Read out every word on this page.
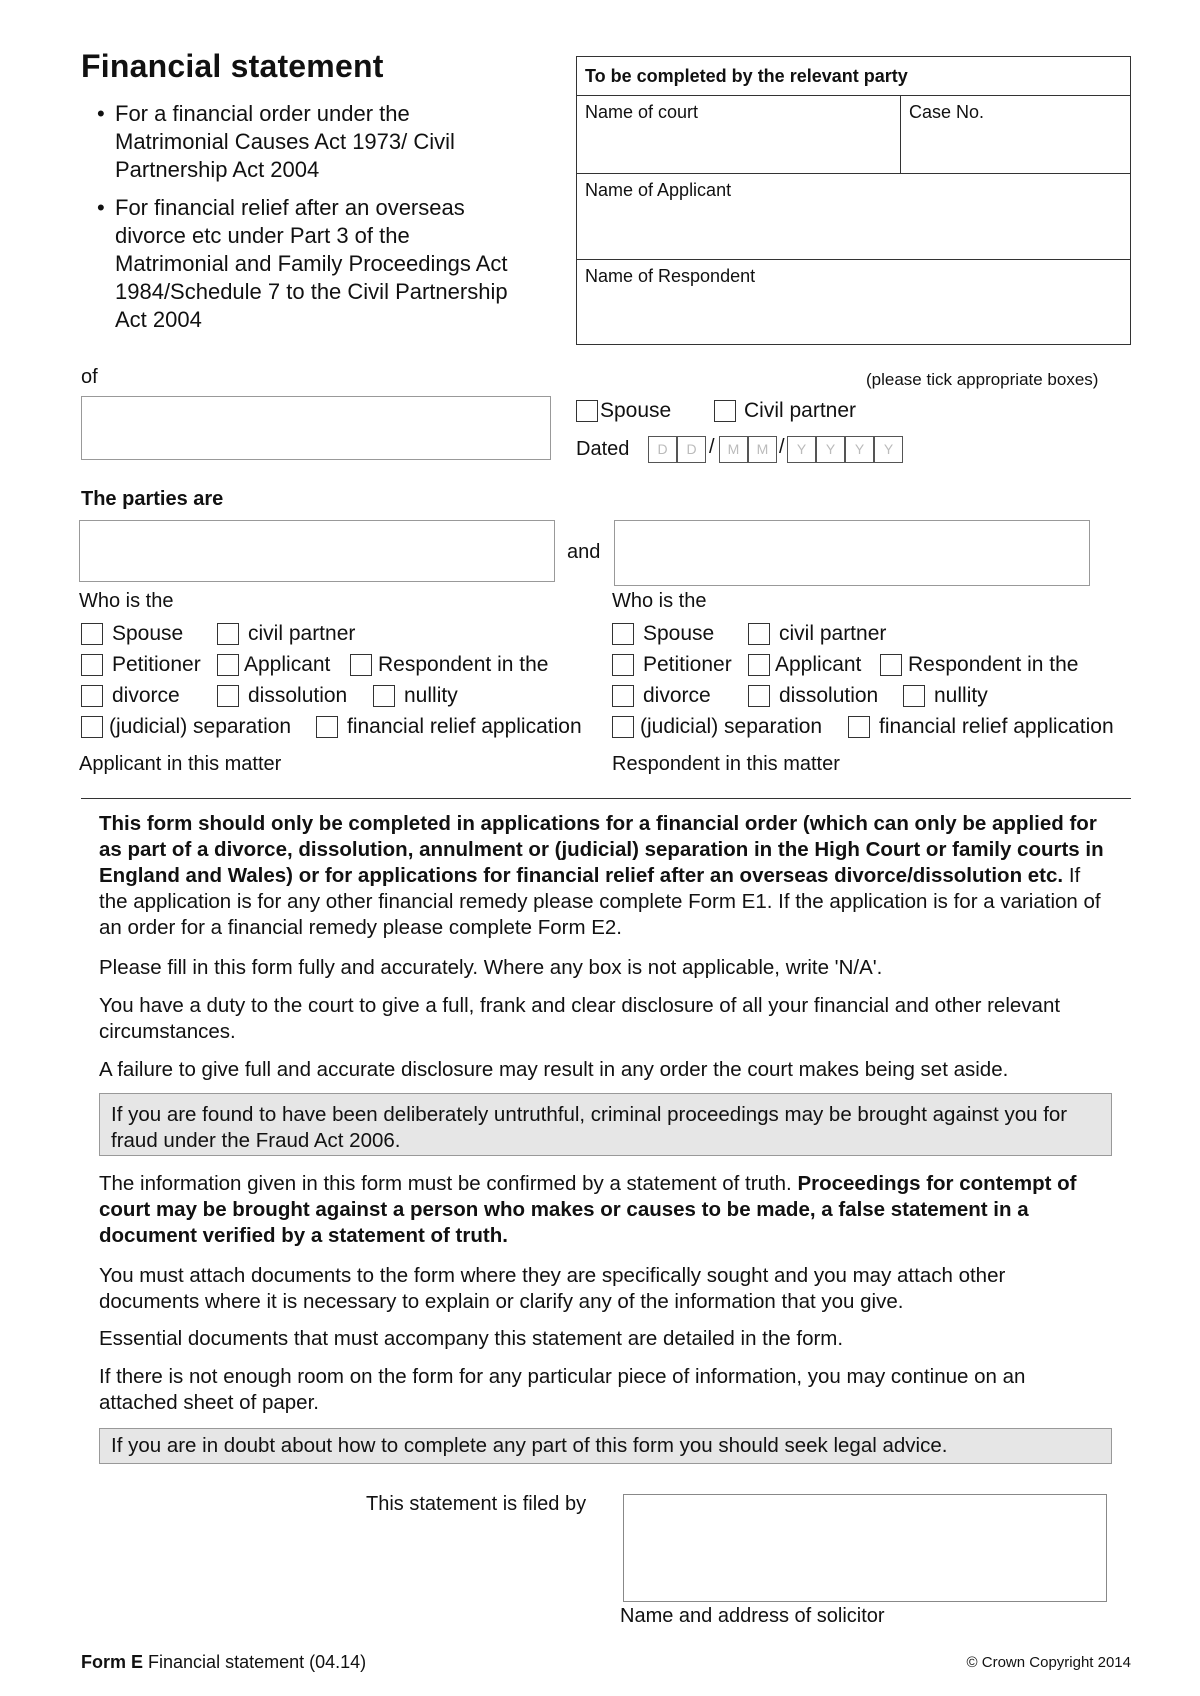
Financial statement
• For a financial order under the Matrimonial Causes Act 1973/ Civil Partnership Act 2004
• For financial relief after an overseas divorce etc under Part 3 of the Matrimonial and Family Proceedings Act 1984/Schedule 7 to the Civil Partnership Act 2004
To be completed by the relevant party
Name of court	Case No.
Name of Applicant
Name of Respondent
of	(please tick appropriate boxes)
Spouse	Civil partner
Dated	D	D / M	M / Y	Y	Y	Y
The parties are
and
Who is the
Spouse	civil partner
Petitioner Applicant Respondent in the
divorce	dissolution	nullity
(judicial) separation	financial relief application
Applicant in this matter
Who is the
Spouse	civil partner
Petitioner Applicant Respondent in the
divorce	dissolution	nullity
(judicial) separation	financial relief application
Respondent in this matter
This form should only be completed in applications for a financial order (which can only be applied for as part of a divorce, dissolution, annulment or (judicial) separation in the High Court or family courts in England and Wales) or for applications for financial relief after an overseas divorce/dissolution etc. If the application is for any other financial remedy please complete Form E1. If the application is for a variation of an order for a financial remedy please complete Form E2.
Please fill in this form fully and accurately. Where any box is not applicable, write 'N/A'.
You have a duty to the court to give a full, frank and clear disclosure of all your financial and other relevant circumstances.
A failure to give full and accurate disclosure may result in any order the court makes being set aside.
If you are found to have been deliberately untruthful, criminal proceedings may be brought against you for fraud under the Fraud Act 2006.
The information given in this form must be confirmed by a statement of truth. Proceedings for contempt of court may be brought against a person who makes or causes to be made, a false statement in a document verified by a statement of truth.
You must attach documents to the form where they are specifically sought and you may attach other documents where it is necessary to explain or clarify any of the information that you give.
Essential documents that must accompany this statement are detailed in the form.
If there is not enough room on the form for any particular piece of information, you may continue on an attached sheet of paper.
If you are in doubt about how to complete any part of this form you should seek legal advice.
This statement is filed by
Name and address of solicitor
Form E Financial statement (04.14)	© Crown Copyright 2014
